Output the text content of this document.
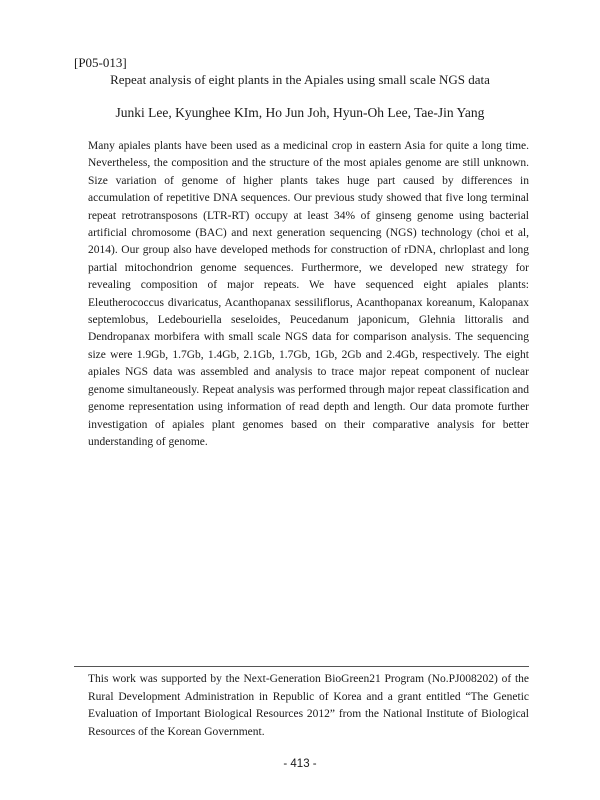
[P05-013]
Repeat analysis of eight plants in the Apiales using small scale NGS data
Junki Lee, Kyunghee KIm, Ho Jun Joh, Hyun-Oh Lee, Tae-Jin Yang

Many apiales plants have been used as a medicinal crop in eastern Asia for quite a long time. Nevertheless, the composition and the structure of the most apiales genome are still unknown. Size variation of genome of higher plants takes huge part caused by differences in accumulation of repetitive DNA sequences. Our previous study showed that five long terminal repeat retrotransposons (LTR-RT) occupy at least 34% of ginseng genome using bacterial artificial chromosome (BAC) and next generation sequencing (NGS) technology (choi et al, 2014). Our group also have developed methods for construction of rDNA, chrloplast and long partial mitochondrion genome sequences. Furthermore, we developed new strategy for revealing composition of major repeats. We have sequenced eight apiales plants: Eleutherococcus divaricatus, Acanthopanax sessiliflorus, Acanthopanax koreanum, Kalopanax septemlobus, Ledebouriella seseloides, Peucedanum japonicum, Glehnia littoralis and Dendropanax morbifera with small scale NGS data for comparison analysis. The sequencing size were 1.9Gb, 1.7Gb, 1.4Gb, 2.1Gb, 1.7Gb, 1Gb, 2Gb and 2.4Gb, respectively. The eight apiales NGS data was assembled and analysis to trace major repeat component of nuclear genome simultaneously. Repeat analysis was performed through major repeat classification and genome representation using information of read depth and length. Our data promote further investigation of apiales plant genomes based on their comparative analysis for better understanding of genome.

This work was supported by the Next-Generation BioGreen21 Program (No.PJ008202) of the Rural Development Administration in Republic of Korea and a grant entitled “The Genetic Evaluation of Important Biological Resources 2012” from the National Institute of Biological Resources of the Korean Government.
- 413 -
